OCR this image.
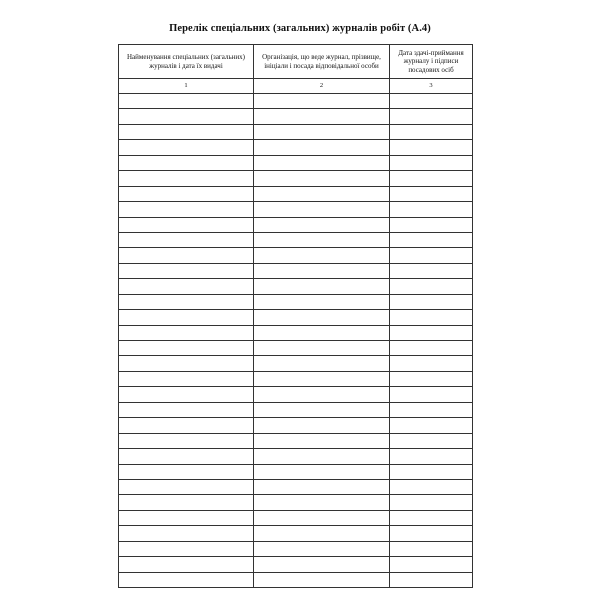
Перелік спеціальних (загальних) журналів робіт (А.4)
Найменування спеціальних (загальних) журналів і дата їх видачі	Організація, що веде журнал, прізвище, ініціали і посада відповідальної особи	Дата здачі-приймання журналу і підписи посадових осіб
1	2	3
